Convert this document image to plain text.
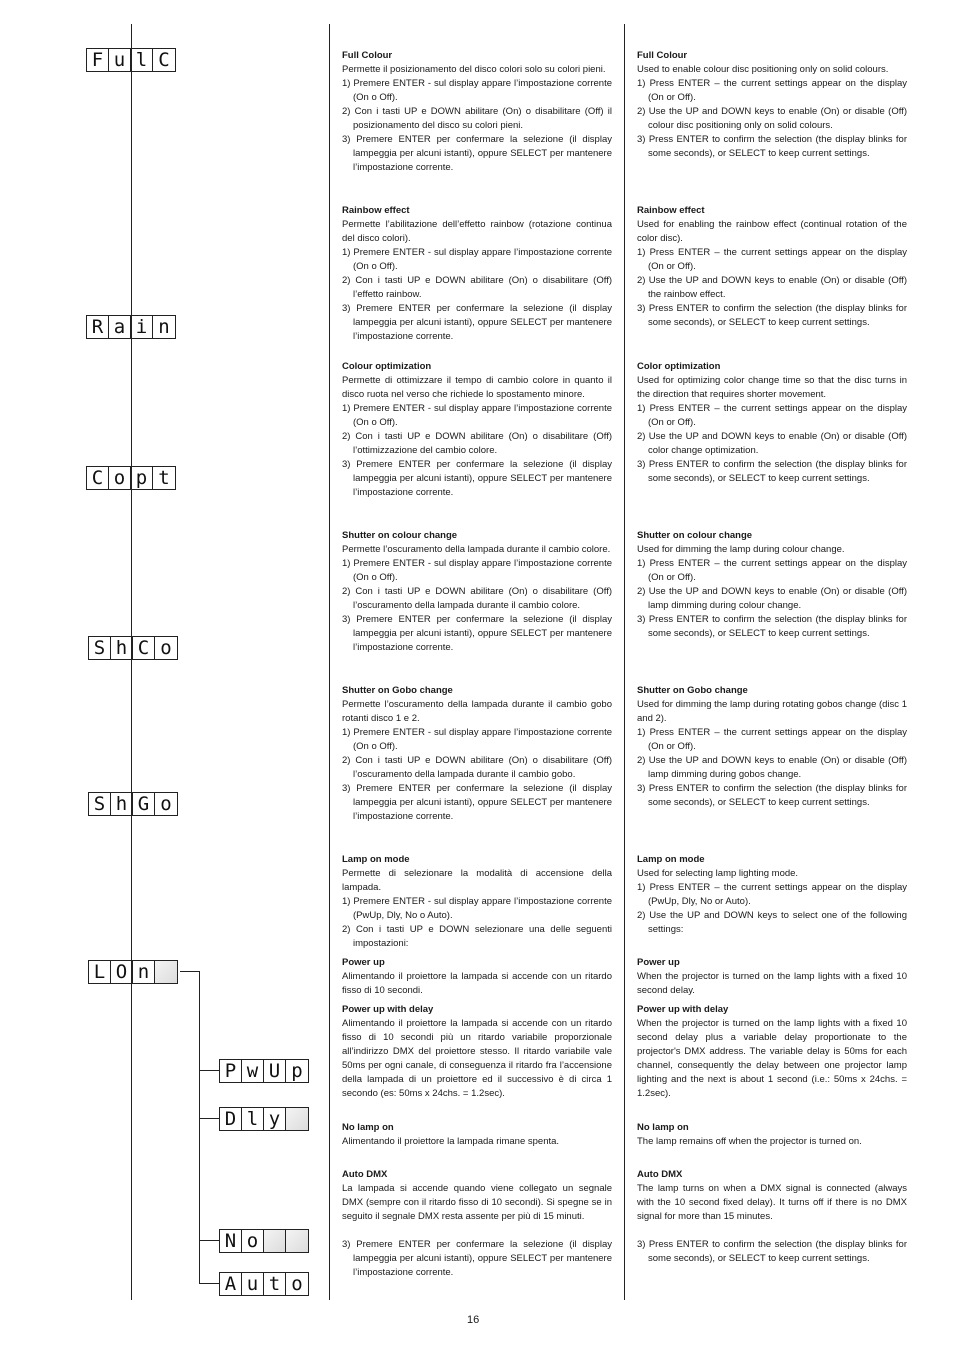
F u l C
R a i n
C o p t
S h C o
S h G o
L O n
P w U p
D l y
N o
A u t o
Full Colour
Permette il posizionamento del disco colori solo su colori pieni.
1) Premere ENTER - sul display appare l’impostazione corrente (On o Off).
2) Con i tasti UP e DOWN abilitare (On) o disabilitare (Off) il posizionamento del disco su colori pieni.
3) Premere ENTER per confermare la selezione (il display lampeggia per alcuni istanti), oppure SELECT per mantenere l’impostazione corrente.
Rainbow effect
Permette l’abilitazione dell’effetto rainbow (rotazione continua del disco colori).
1) Premere ENTER - sul display appare l’impostazione corrente (On o Off).
2) Con i tasti UP e DOWN abilitare (On) o disabilitare (Off) l’effetto rainbow.
3) Premere ENTER per confermare la selezione (il display lampeggia per alcuni istanti), oppure SELECT per mantenere l’impostazione corrente.
Colour optimization
Permette di ottimizzare il tempo di cambio colore in quanto il disco ruota nel verso che richiede lo spostamento minore.
1) Premere ENTER - sul display appare l’impostazione corrente (On o Off).
2) Con i tasti UP e DOWN abilitare (On) o disabilitare (Off) l’ottimizzazione del cambio colore.
3) Premere ENTER per confermare la selezione (il display lampeggia per alcuni istanti), oppure SELECT per mantenere l’impostazione corrente.
Shutter on colour change
Permette l’oscuramento della lampada durante il cambio colore.
1) Premere ENTER - sul display appare l’impostazione corrente (On o Off).
2) Con i tasti UP e DOWN abilitare (On) o disabilitare (Off) l’oscuramento della lampada durante il cambio colore.
3) Premere ENTER per confermare la selezione (il display lampeggia per alcuni istanti), oppure SELECT per mantenere l’impostazione corrente.
Shutter on Gobo change
Permette l’oscuramento della lampada durante il cambio gobo rotanti disco 1 e 2.
1) Premere ENTER - sul display appare l’impostazione corrente (On o Off).
2) Con i tasti UP e DOWN abilitare (On) o disabilitare (Off) l’oscuramento della lampada durante il cambio gobo.
3) Premere ENTER per confermare la selezione (il display lampeggia per alcuni istanti), oppure SELECT per mantenere l’impostazione corrente.
Lamp on mode
Permette di selezionare la modalità di accensione della lampada.
1) Premere ENTER - sul display appare l’impostazione corrente (PwUp, Dly, No o Auto).
2) Con i tasti UP e DOWN selezionare una delle seguenti impostazioni:
Power up
Alimentando il proiettore la lampada si accende con un ritardo fisso di 10 secondi.
Power up with delay
Alimentando il proiettore la lampada si accende con un ritardo fisso di 10 secondi più un ritardo variabile proporzionale all’indirizzo DMX del proiettore stesso. Il ritardo variabile vale 50ms per ogni canale, di conseguenza il ritardo fra l’accensione della lampada di un proiettore ed il successivo è di circa 1 secondo (es: 50ms x 24chs. = 1.2sec).
No lamp on
Alimentando il proiettore la lampada rimane spenta.
Auto DMX
La lampada si accende quando viene collegato un segnale DMX (sempre con il ritardo fisso di 10 secondi). Si spegne se in seguito il segnale DMX resta assente per più di 15 minuti.
3) Premere ENTER per confermare la selezione (il display lampeggia per alcuni istanti), oppure SELECT per mantenere l’impostazione corrente.
Full Colour
Used to enable colour disc positioning only on solid colours.
1) Press ENTER – the current settings appear on the display (On or Off).
2) Use the UP and DOWN keys to enable (On) or disable (Off) colour disc positioning only on solid colours.
3) Press ENTER to confirm the selection (the display blinks for some seconds), or SELECT to keep current settings.
Rainbow effect
Used for enabling the rainbow effect (continual rotation of the color disc).
1) Press ENTER – the current settings appear on the display (On or Off).
2) Use the UP and DOWN keys to enable (On) or disable (Off) the rainbow effect.
3) Press ENTER to confirm the selection (the display blinks for some seconds), or SELECT to keep current settings.
Color optimization
Used for optimizing color change time so that the disc turns in the direction that requires shorter movement.
1) Press ENTER – the current settings appear on the display (On or Off).
2) Use the UP and DOWN keys to enable (On) or disable (Off) color change optimization.
3) Press ENTER to confirm the selection (the display blinks for some seconds), or SELECT to keep current settings.
Shutter on colour change
Used for dimming the lamp during colour change.
1) Press ENTER – the current settings appear on the display (On or Off).
2) Use the UP and DOWN keys to enable (On) or disable (Off) lamp dimming during colour change.
3) Press ENTER to confirm the selection (the display blinks for some seconds), or SELECT to keep current settings.
Shutter on Gobo change
Used for dimming the lamp during rotating gobos change (disc 1 and 2).
1) Press ENTER – the current settings appear on the display (On or Off).
2) Use the UP and DOWN keys to enable (On) or disable (Off) lamp dimming during gobos change.
3) Press ENTER to confirm the selection (the display blinks for some seconds), or SELECT to keep current settings.
Lamp on mode
Used for selecting lamp lighting mode.
1) Press ENTER – the current settings appear on the display (PwUp, Dly, No or Auto).
2) Use the UP and DOWN keys to select one of the following settings:
Power up
When the projector is turned on the lamp lights with a fixed 10 second delay.
Power up with delay
When the projector is turned on the lamp lights with a fixed 10 second delay plus a variable delay proportionate to the projector's DMX address. The variable delay is 50ms for each channel, consequently the delay between one projector lamp lighting and the next is about 1 second (i.e.: 50ms x 24chs. = 1.2sec).
No lamp on
The lamp remains off when the projector is turned on.
Auto DMX
The lamp turns on when a DMX signal is connected (always with the 10 second fixed delay). It turns off if there is no DMX signal for more than 15 minutes.
3) Press ENTER to confirm the selection (the display blinks for some seconds), or SELECT to keep current settings.
16
